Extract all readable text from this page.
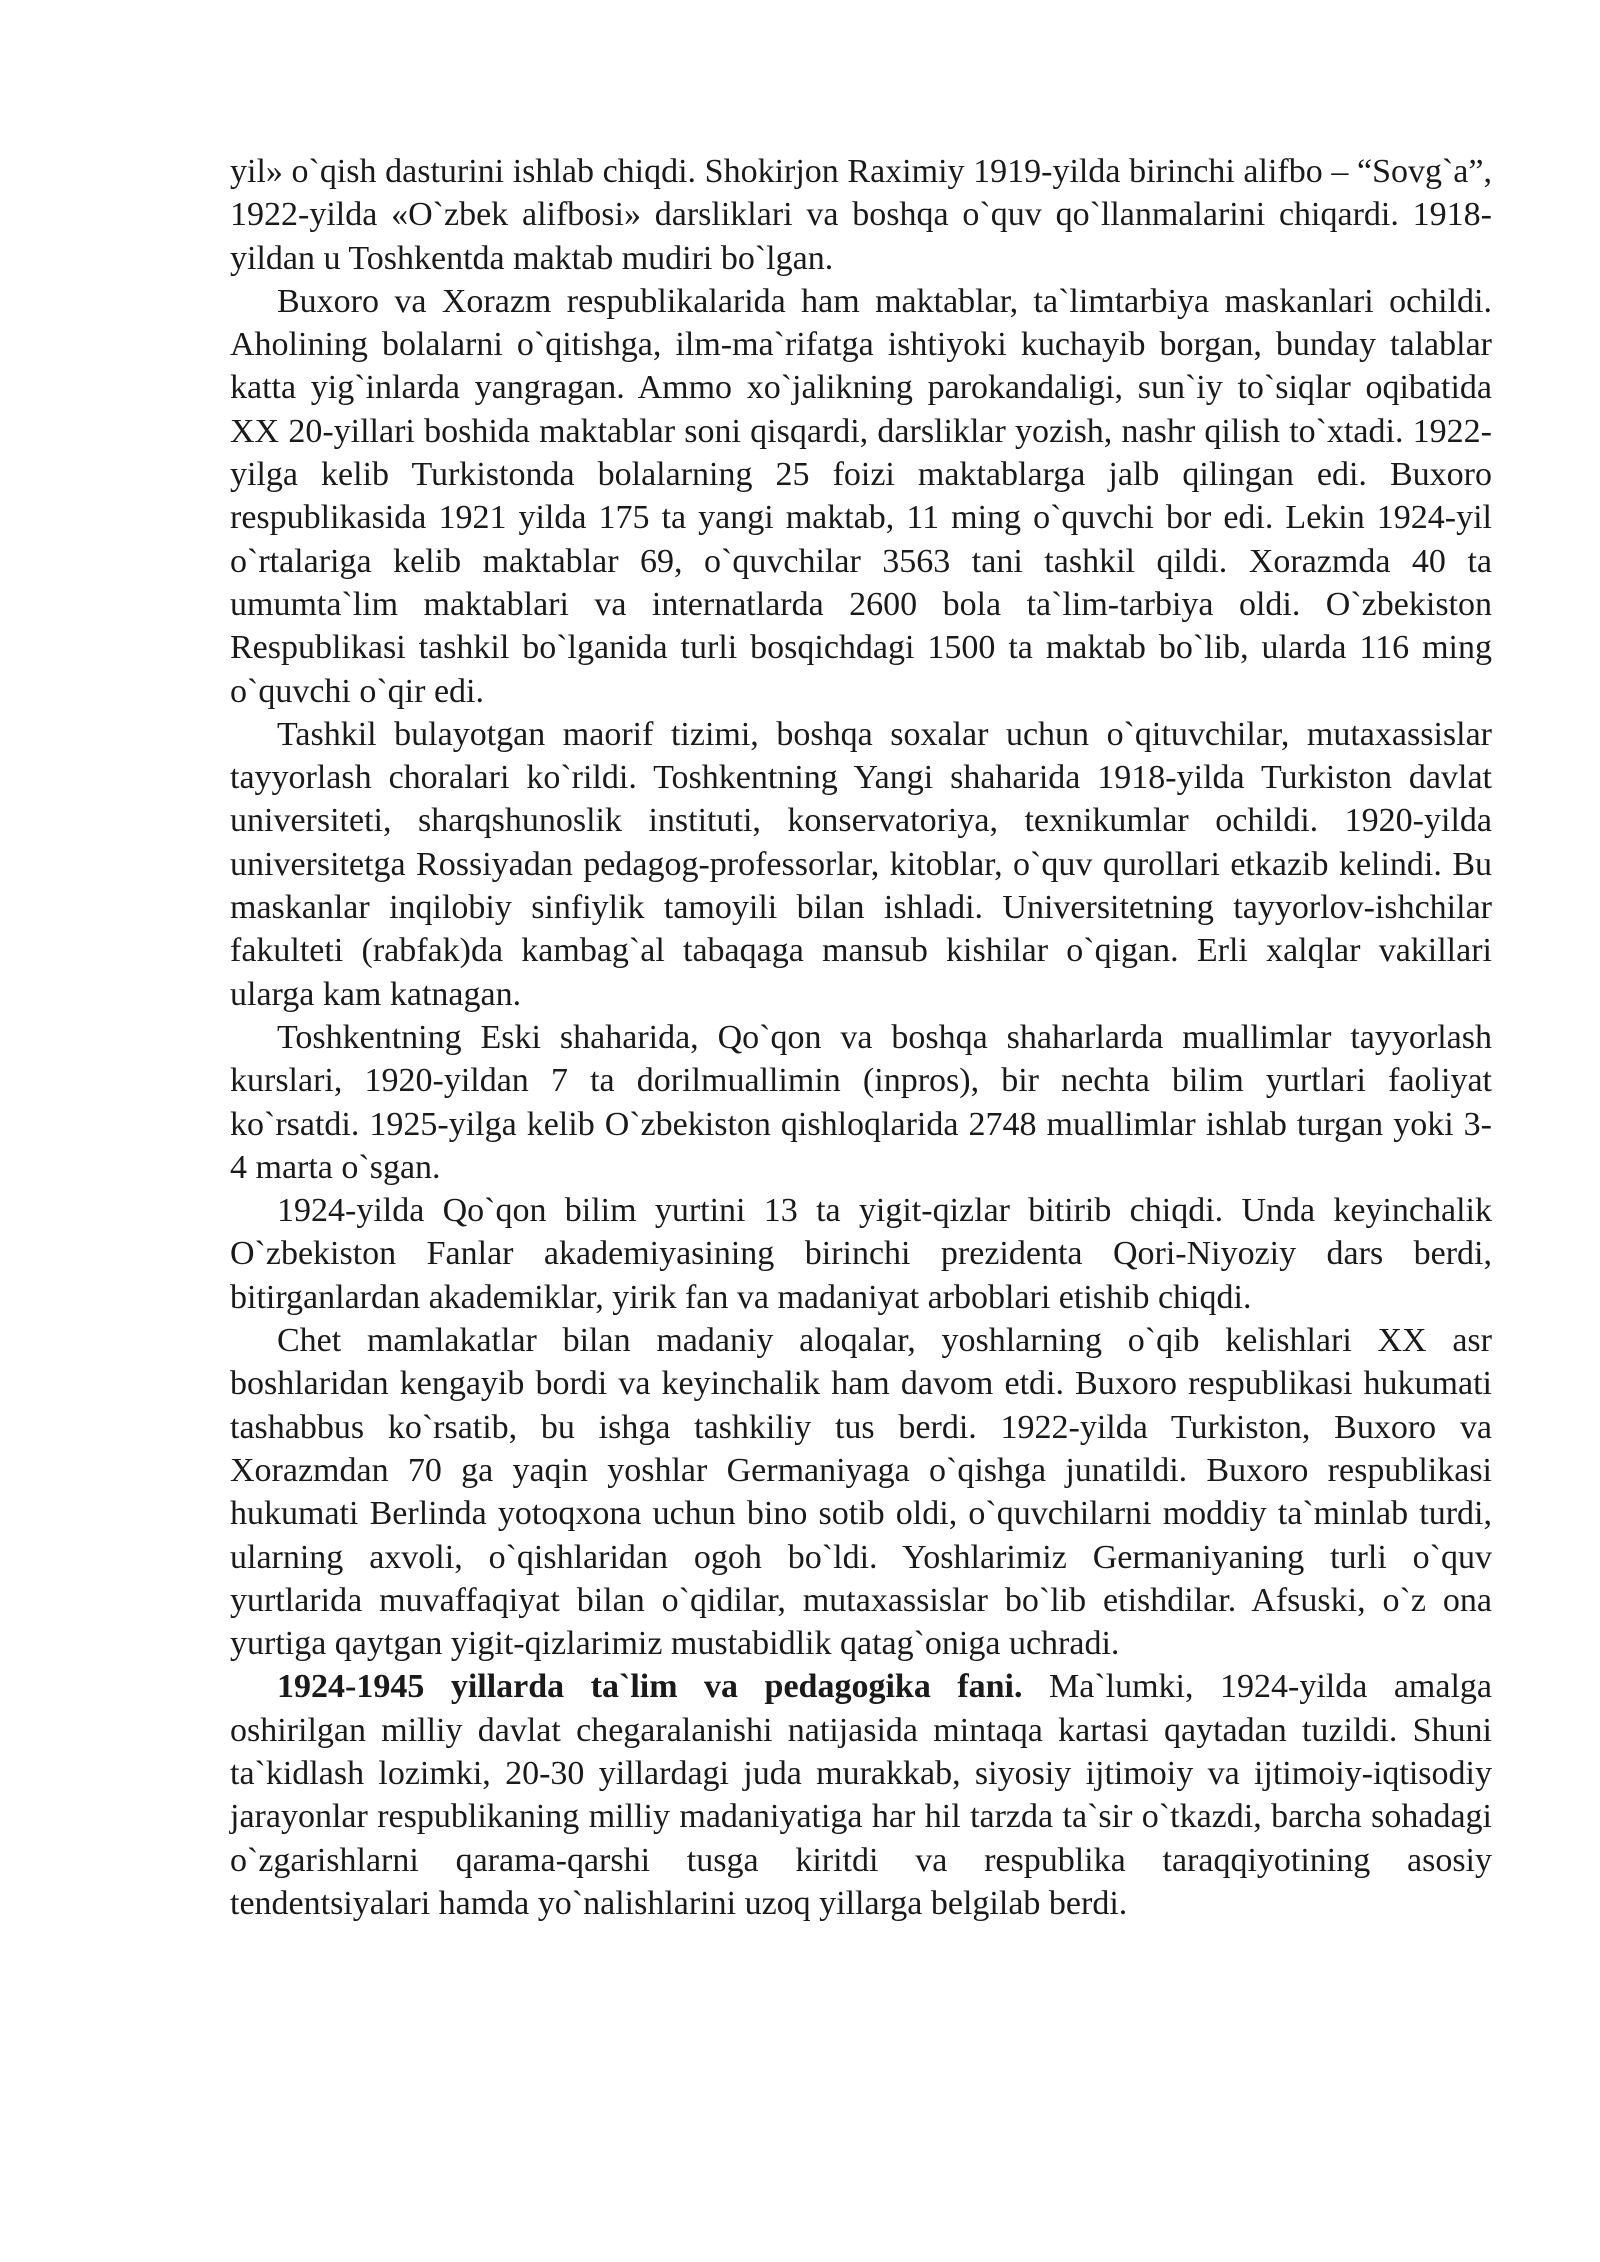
yil» o`qish dasturini ishlab chiqdi. Shokirjon Raximiy 1919-yilda birinchi alifbo – “Sovg`a”, 1922-yilda «O`zbek alifbosi» darsliklari va boshqa o`quv qo`llanmalarini chiqardi. 1918-yildan u Toshkentda maktab mudiri bo`lgan.

Buxoro va Xorazm respublikalarida ham maktablar, ta`limtarbiya maskanlari ochildi. Aholining bolalarni o`qitishga, ilm-ma`rifatga ishtiyoki kuchayib borgan, bunday talablar katta yig`inlarda yangragan. Ammo xo`jalikning parokandaligi, sun`iy to`siqlar oqibatida XX 20-yillari boshida maktablar soni qisqardi, darsliklar yozish, nashr qilish to`xtadi. 1922-yilga kelib Turkistonda bolalarning 25 foizi maktablarga jalb qilingan edi. Buxoro respublikasida 1921 yilda 175 ta yangi maktab, 11 ming o`quvchi bor edi. Lekin 1924-yil o`rtalariga kelib maktablar 69, o`quvchilar 3563 tani tashkil qildi. Xorazmda 40 ta umumta`lim maktablari va internatlarda 2600 bola ta`lim-tarbiya oldi. O`zbekiston Respublikasi tashkil bo`lganida turli bosqichdagi 1500 ta maktab bo`lib, ularda 116 ming o`quvchi o`qir edi.

Tashkil bulayotgan maorif tizimi, boshqa soxalar uchun o`qituvchilar, mutaxassislar tayyorlash choralari ko`rildi. Toshkentning Yangi shaharida 1918-yilda Turkiston davlat universiteti, sharqshunoslik instituti, konservatoriya, texnikumlar ochildi. 1920-yilda universitetga Rossiyadan pedagog-professorlar, kitoblar, o`quv qurollari etkazib kelindi. Bu maskanlar inqilobiy sinfiylik tamoyili bilan ishladi. Universitetning tayyorlov-ishchilar fakulteti (rabfak)da kambag`al tabaqaga mansub kishilar o`qigan. Erli xalqlar vakillari ularga kam katnagan.

Toshkentning Eski shaharida, Qo`qon va boshqa shaharlarda muallimlar tayyorlash kurslari, 1920-yildan 7 ta dorilmuallimin (inpros), bir nechta bilim yurtlari faoliyat ko`rsatdi. 1925-yilga kelib O`zbekiston qishloqlarida 2748 muallimlar ishlab turgan yoki 3-4 marta o`sgan.

1924-yilda Qo`qon bilim yurtini 13 ta yigit-qizlar bitirib chiqdi. Unda keyinchalik O`zbekiston Fanlar akademiyasining birinchi prezidenta Qori-Niyoziy dars berdi, bitirganlardan akademiklar, yirik fan va madaniyat arboblari etishib chiqdi.

Chet mamlakatlar bilan madaniy aloqalar, yoshlarning o`qib kelishlari XX asr boshlaridan kengayib bordi va keyinchalik ham davom etdi. Buxoro respublikasi hukumati tashabbus ko`rsatib, bu ishga tashkiliy tus berdi. 1922-yilda Turkiston, Buxoro va Xorazmdan 70 ga yaqin yoshlar Germaniyaga o`qishga junatildi. Buxoro respublikasi hukumati Berlinda yotoqxona uchun bino sotib oldi, o`quvchilarni moddiy ta`minlab turdi, ularning axvoli, o`qishlaridan ogoh bo`ldi. Yoshlarimiz Germaniyaning turli o`quv yurtlarida muvaffaqiyat bilan o`qidilar, mutaxassislar bo`lib etishdilar. Afsuski, o`z ona yurtiga qaytgan yigit-qizlarimiz mustabidlik qatag`oniga uchradi.

1924-1945 yillarda ta`lim va pedagogika fani. Ma`lumki, 1924-yilda amalga oshirilgan milliy davlat chegaralanishi natijasida mintaqa kartasi qaytadan tuzildi. Shuni ta`kidlash lozimki, 20-30 yillardagi juda murakkab, siyosiy ijtimoiy va ijtimoiy-iqtisodiy jarayonlar respublikaning milliy madaniyatiga har hil tarzda ta`sir o`tkazdi, barcha sohadagi o`zgarishlarni qarama-qarshi tusga kiritdi va respublika taraqqiyotining asosiy tendentsiyalari hamda yo`nalishlarini uzoq yillarga belgilab berdi.
